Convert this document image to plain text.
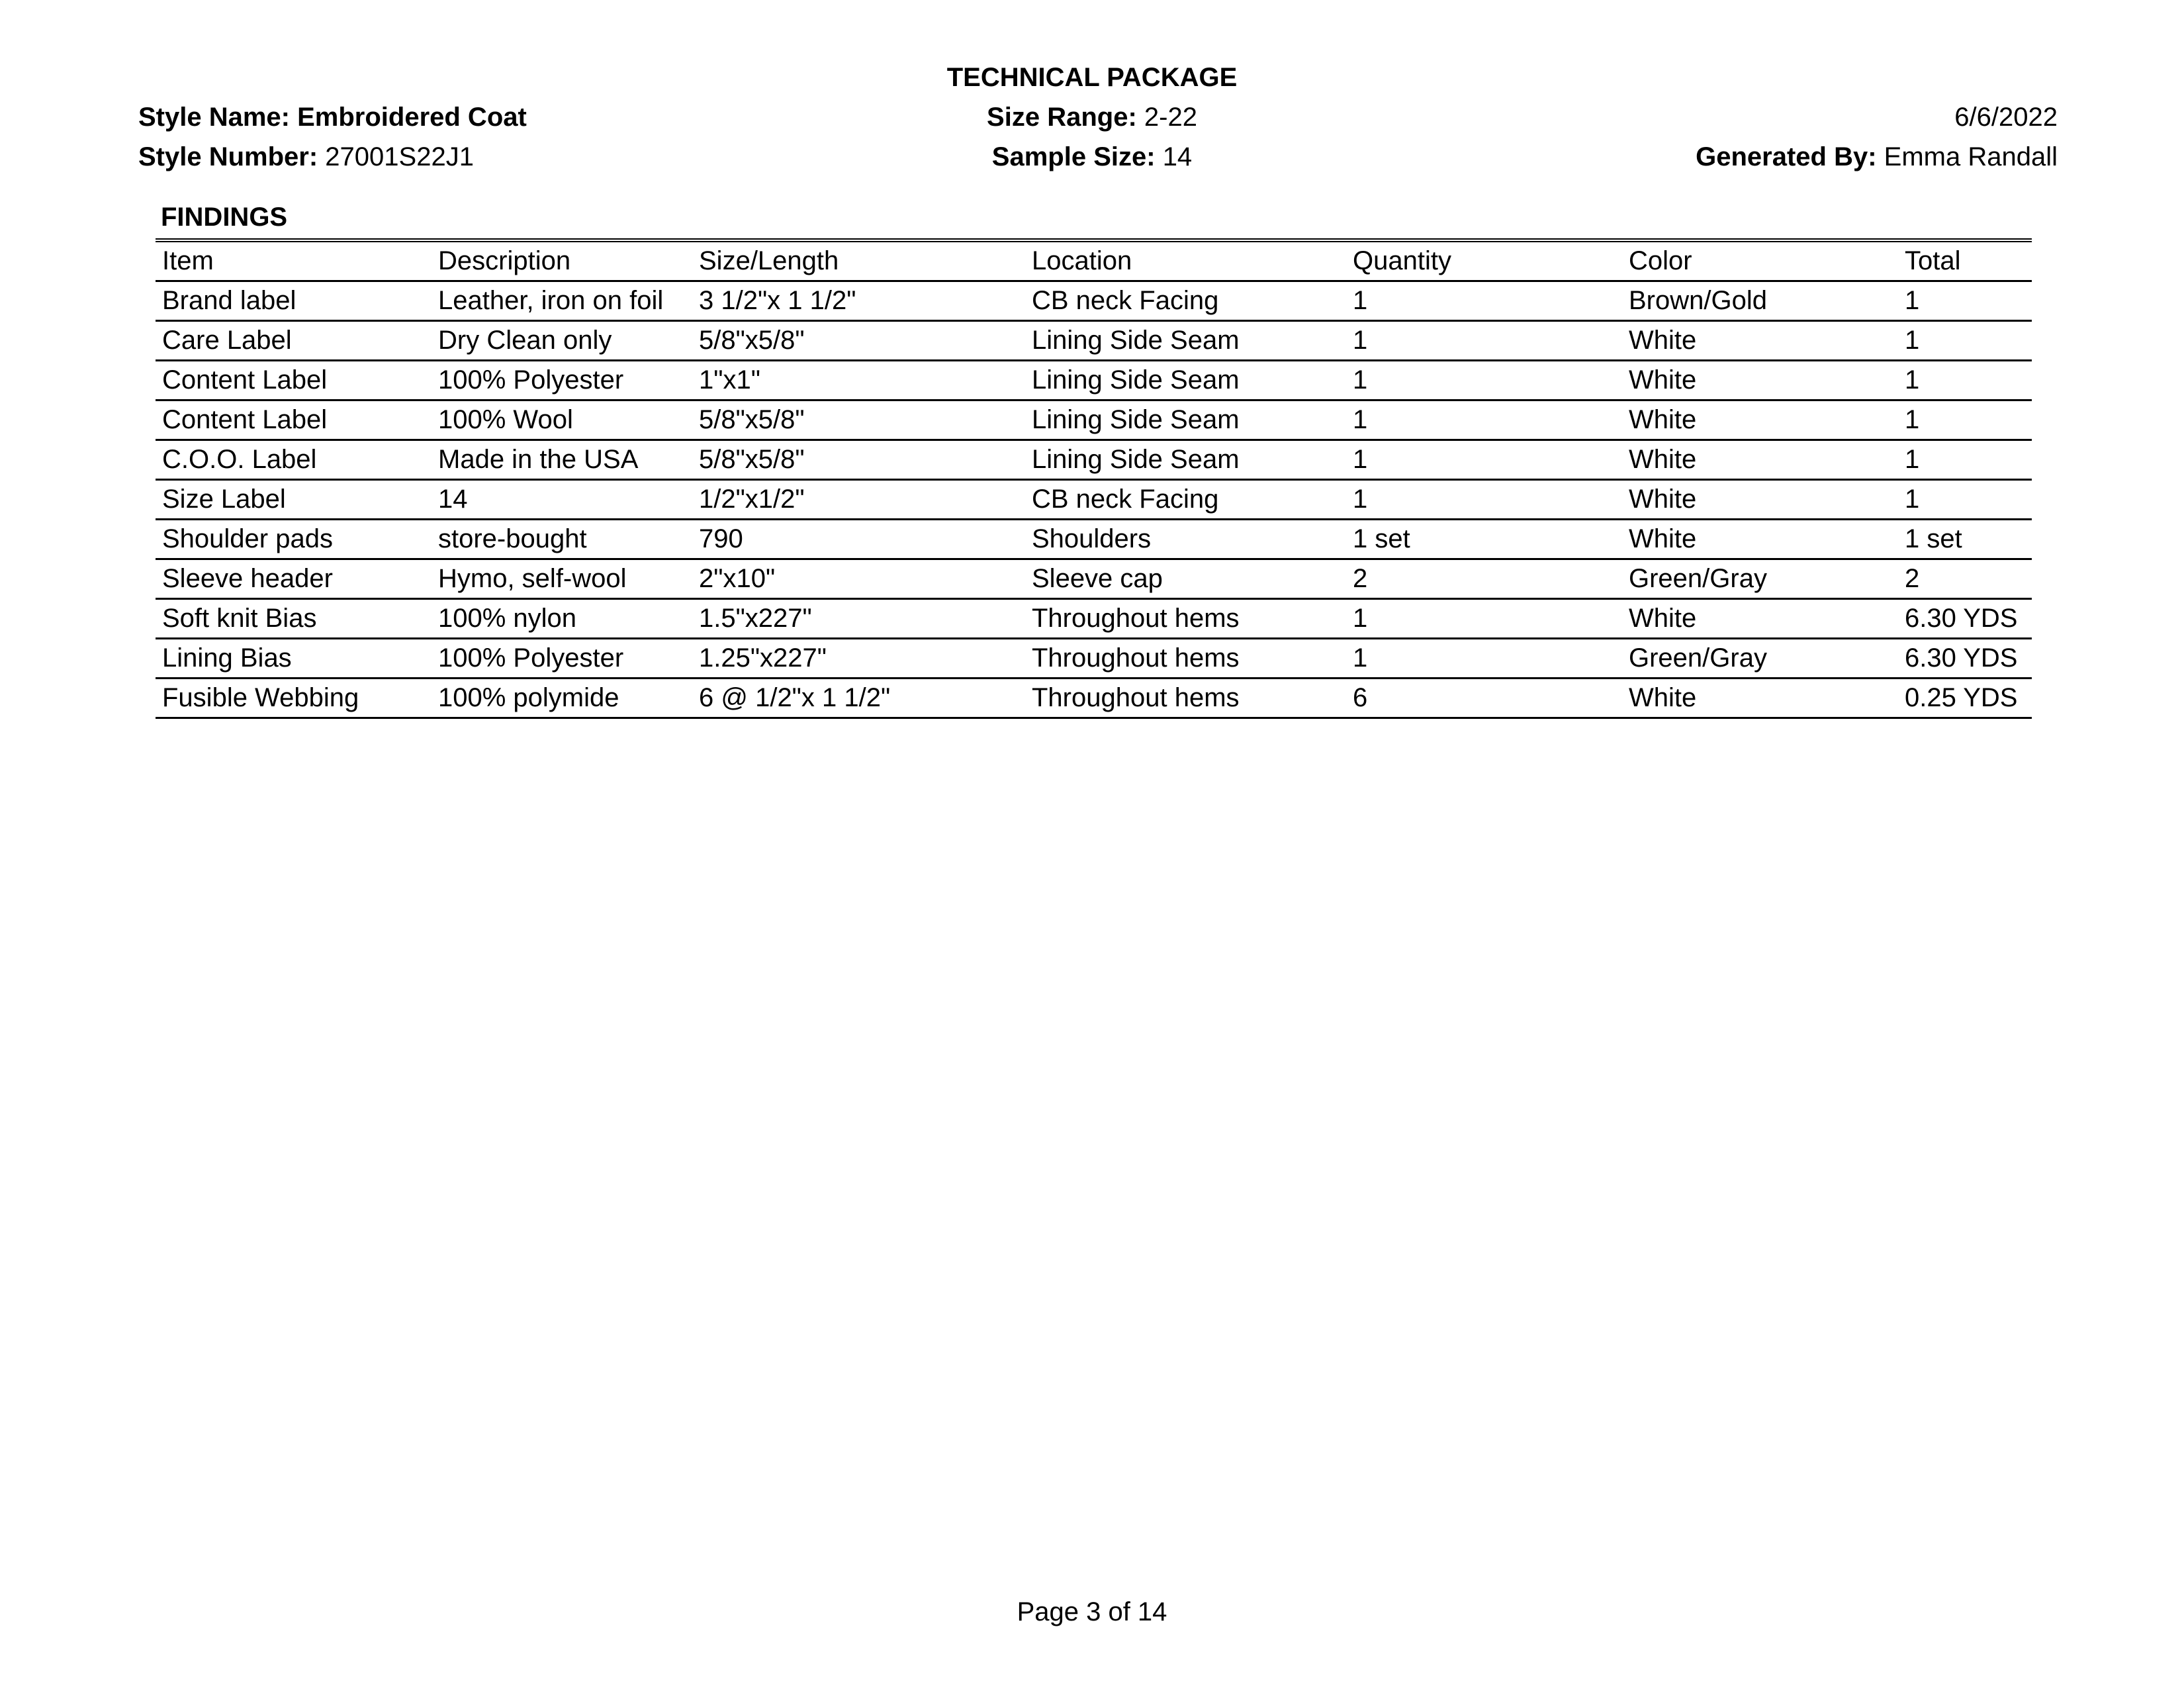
TECHNICAL PACKAGE
Style Name: Embroidered Coat
Style Number: 27001S22J1
Size Range: 2-22
Sample Size: 14
6/6/2022
Generated By: Emma Randall
FINDINGS
Item	Description	Size/Length	Location	Quantity	Color	Total
Brand label	Leather, iron on foil	3 1/2"x 1 1/2"	CB neck Facing	1	Brown/Gold	1
Care Label	Dry Clean only	5/8"x5/8"	Lining Side Seam	1	White	1
Content Label	100% Polyester	1"x1"	Lining Side Seam	1	White	1
Content Label	100% Wool	5/8"x5/8"	Lining Side Seam	1	White	1
C.O.O. Label	Made in the USA	5/8"x5/8"	Lining Side Seam	1	White	1
Size Label	14	1/2"x1/2"	CB neck Facing	1	White	1
Shoulder pads	store-bought	790	Shoulders	1 set	White	1 set
Sleeve header	Hymo, self-wool	2"x10"	Sleeve cap	2	Green/Gray	2
Soft knit Bias	100% nylon	1.5"x227"	Throughout hems	1	White	6.30 YDS
Lining Bias	100% Polyester	1.25"x227"	Throughout hems	1	Green/Gray	6.30 YDS
Fusible Webbing	100% polymide	6 @ 1/2"x 1 1/2"	Throughout hems	6	White	0.25 YDS
Page 3 of 14
